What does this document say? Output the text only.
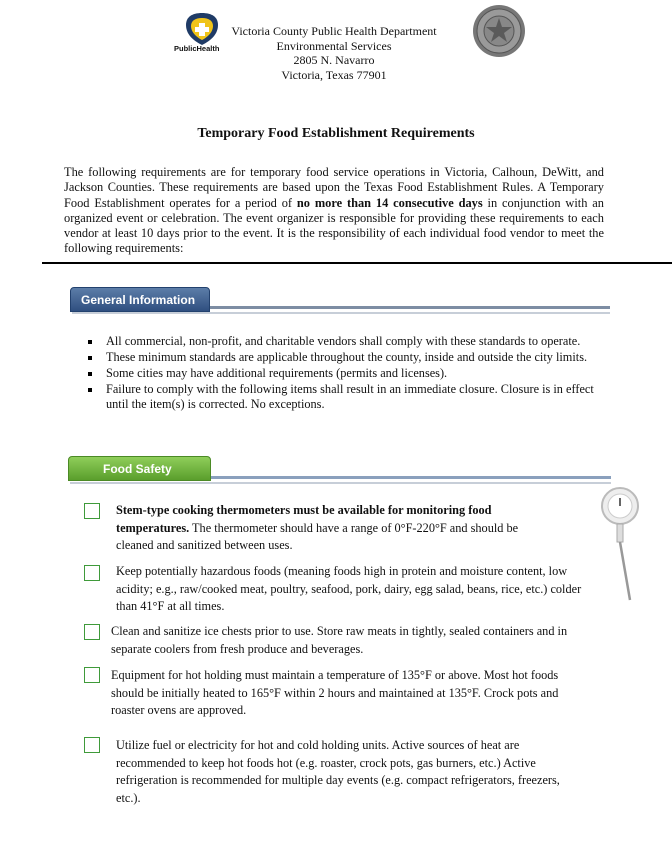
PublicHealth
Victoria County Public Health Department
Environmental Services
2805 N. Navarro
Victoria, Texas 77901
Temporary Food Establishment Requirements
The following requirements are for temporary food service operations in Victoria, Calhoun, DeWitt, and Jackson Counties. These requirements are based upon the Texas Food Establishment Rules. A Temporary Food Establishment operates for a period of no more than 14 consecutive days in conjunction with an organized event or celebration. The event organizer is responsible for providing these requirements to each vendor at least 10 days prior to the event. It is the responsibility of each individual food vendor to meet the following requirements:
General Information
All commercial, non-profit, and charitable vendors shall comply with these standards to operate.
These minimum standards are applicable throughout the county, inside and outside the city limits.
Some cities may have additional requirements (permits and licenses).
Failure to comply with the following items shall result in an immediate closure. Closure is in effect until the item(s) is corrected. No exceptions.
Food Safety
Stem-type cooking thermometers must be available for monitoring food temperatures. The thermometer should have a range of 0°F-220°F and should be cleaned and sanitized between uses.
Keep potentially hazardous foods (meaning foods high in protein and moisture content, low acidity; e.g., raw/cooked meat, poultry, seafood, pork, dairy, egg salad, beans, rice, etc.) colder than 41°F at all times.
Clean and sanitize ice chests prior to use. Store raw meats in tightly, sealed containers and in separate coolers from fresh produce and beverages.
Equipment for hot holding must maintain a temperature of 135°F or above. Most hot foods should be initially heated to 165°F within 2 hours and maintained at 135°F. Crock pots and roaster ovens are approved.
Utilize fuel or electricity for hot and cold holding units. Active sources of heat are recommended to keep hot foods hot (e.g. roaster, crock pots, gas burners, etc.) Active refrigeration is recommended for multiple day events (e.g. compact refrigerators, freezers, etc.).
